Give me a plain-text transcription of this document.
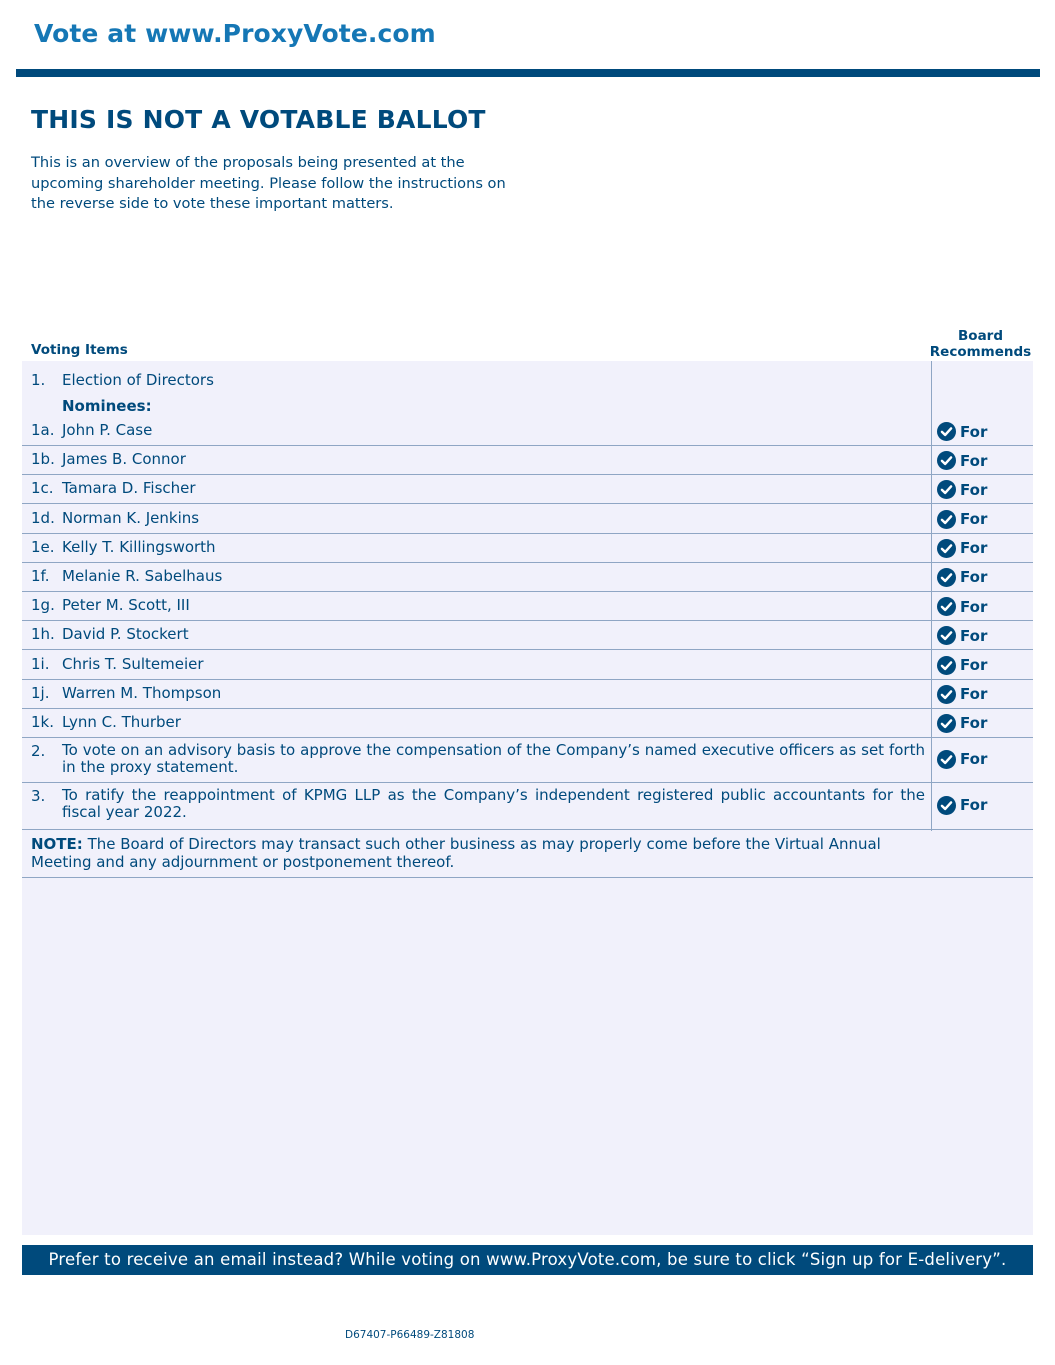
Vote at www.ProxyVote.com
THIS IS NOT A VOTABLE BALLOT
This is an overview of the proposals being presented at the upcoming shareholder meeting. Please follow the instructions on the reverse side to vote these important matters.
Voting Items
Board
Recommends
1. Election of Directors
Nominees:
1a. John P. Case	For
1b. James B. Connor	For
1c. Tamara D. Fischer	For
1d. Norman K. Jenkins	For
1e. Kelly T. Killingsworth	For
1f. Melanie R. Sabelhaus	For
1g. Peter M. Scott, III	For
1h. David P. Stockert	For
1i. Chris T. Sultemeier	For
1j. Warren M. Thompson	For
1k. Lynn C. Thurber	For
2. To vote on an advisory basis to approve the compensation of the Company’s named executive officers as set forth in the proxy statement.	For
3. To ratify the reappointment of KPMG LLP as the Company’s independent registered public accountants for the fiscal year 2022.	For
NOTE: The Board of Directors may transact such other business as may properly come before the Virtual Annual Meeting and any adjournment or postponement thereof.
Prefer to receive an email instead? While voting on www.ProxyVote.com, be sure to click “Sign up for E-delivery”.
D67407-P66489-Z81808
